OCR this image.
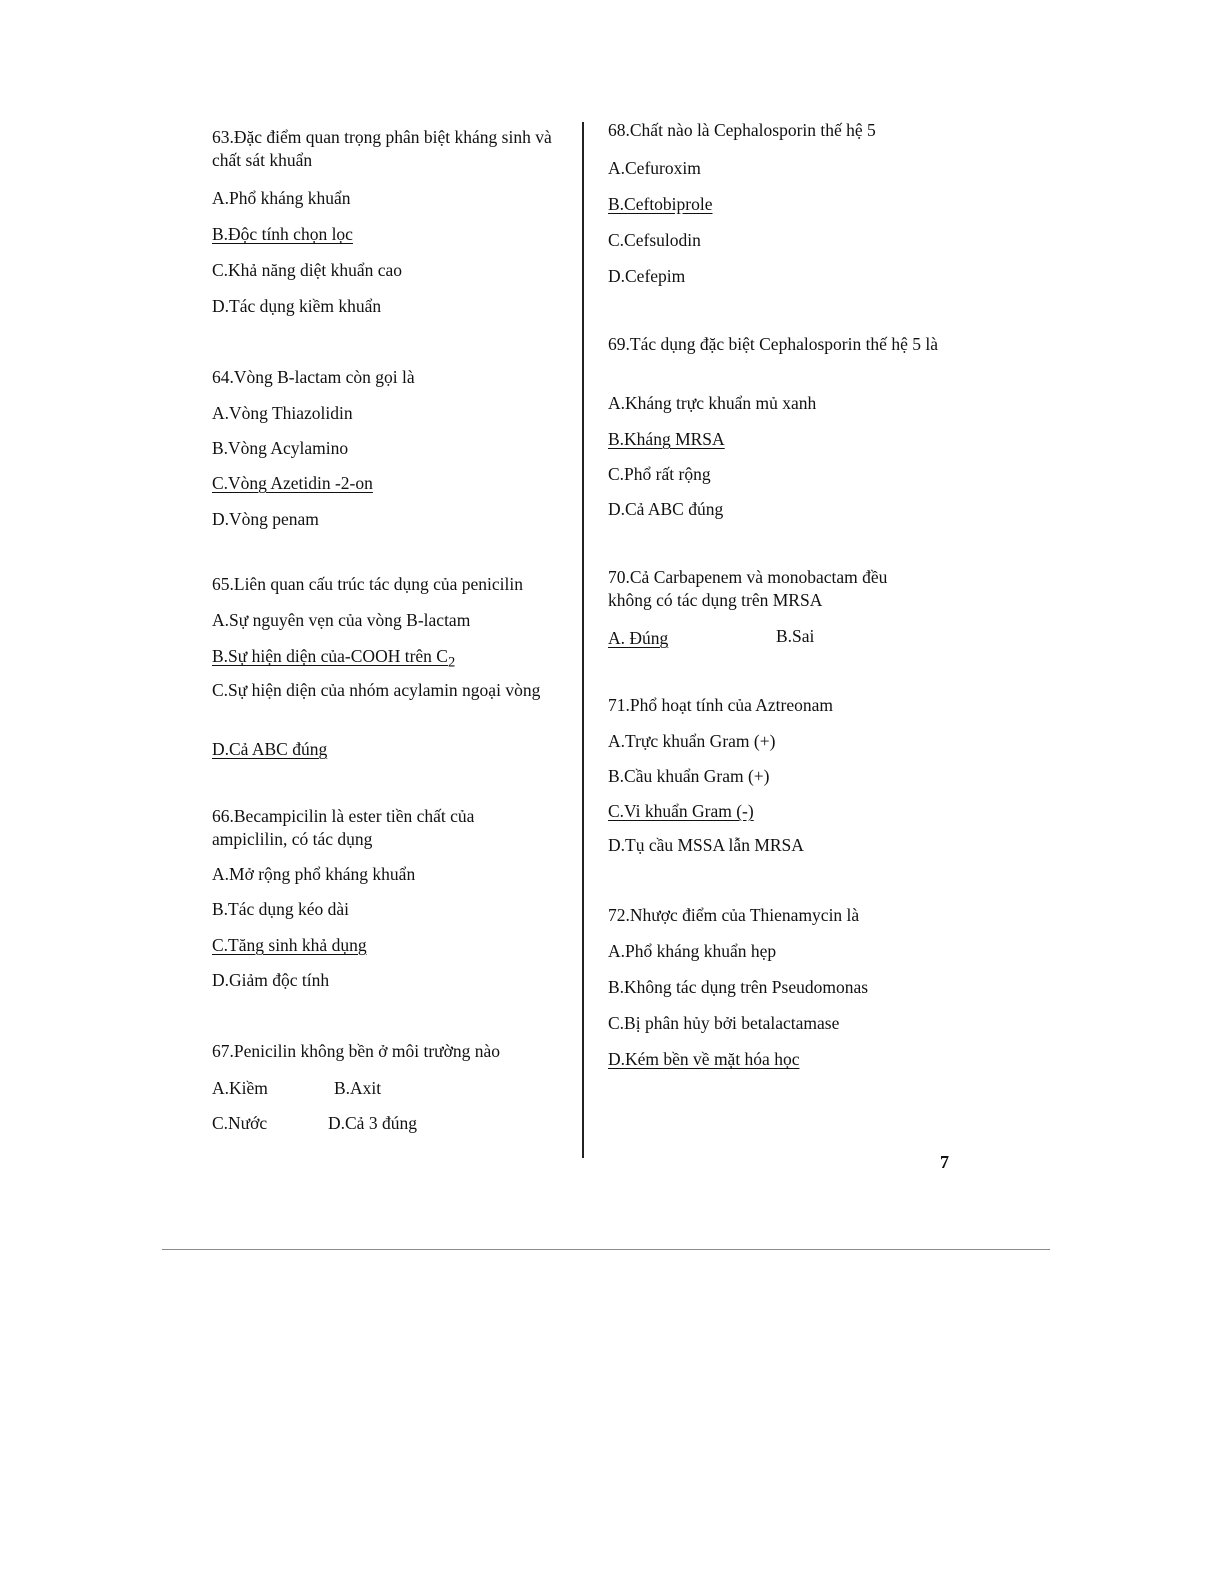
63.Đặc điểm quan trọng phân biệt kháng sinh và chất sát khuẩn
A.Phổ kháng khuẩn
B.Độc tính chọn lọc
C.Khả năng diệt khuẩn cao
D.Tác dụng kiềm khuẩn
64.Vòng B-lactam còn gọi là
A.Vòng Thiazolidin
B.Vòng Acylamino
C.Vòng Azetidin -2-on
D.Vòng penam
65.Liên quan cấu trúc tác dụng của penicilin
A.Sự nguyên vẹn của vòng B-lactam
B.Sự hiện diện của-COOH trên $C_2$
C.Sự hiện diện của nhóm acylamin ngoại vòng
D.Cả ABC đúng
66.Becampicilin là ester tiền chất của ampiclilin, có tác dụng
A.Mở rộng phổ kháng khuẩn
B.Tác dụng kéo dài
C.Tăng sinh khả dụng
D.Giảm độc tính
67.Penicilin không bền ở môi trường nào
A.Kiềm	B.Axit
C.Nước	D.Cả 3 đúng
68.Chất nào là Cephalosporin thế hệ 5
A.Cefuroxim
B.Ceftobiprole
C.Cefsulodin
D.Cefepim
69.Tác dụng đặc biệt Cephalosporin thế hệ 5 là
A.Kháng trực khuẩn mủ xanh
B.Kháng MRSA
C.Phổ rất rộng
D.Cả ABC đúng
70.Cả Carbapenem và monobactam đều không có tác dụng trên MRSA
A. Đúng	B.Sai
71.Phổ hoạt tính của Aztreonam
A.Trực khuẩn Gram (+)
B.Cầu khuẩn Gram (+)
C.Vi khuẩn Gram (-)
D.Tụ cầu MSSA lẫn MRSA
72.Nhược điểm của Thienamycin là
A.Phổ kháng khuẩn hẹp
B.Không tác dụng trên Pseudomonas
C.Bị phân hủy bởi betalactamase
D.Kém bền về mặt hóa học
7
